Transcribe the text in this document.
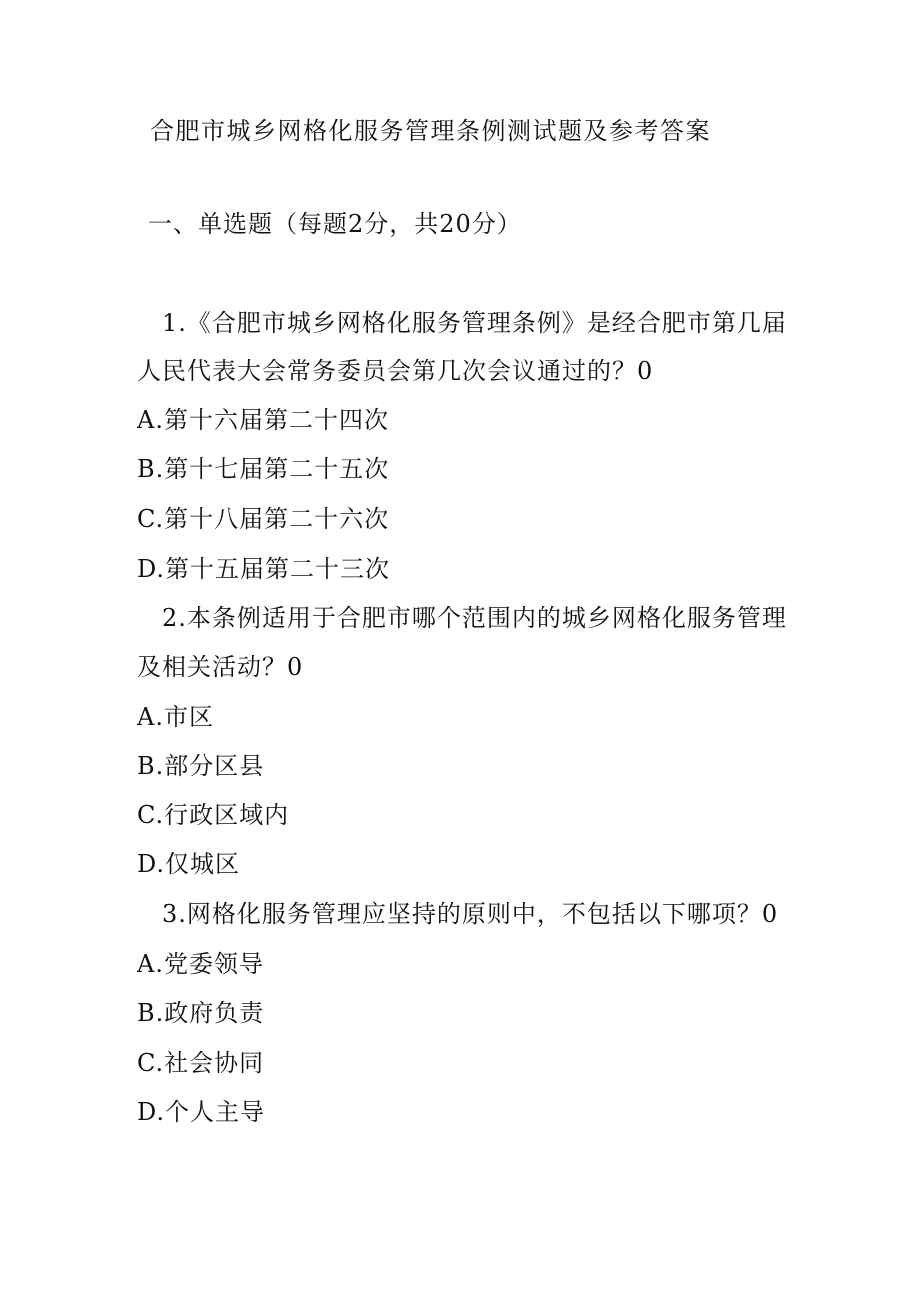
合肥市城乡网格化服务管理条例测试题及参考答案
一、单选题（每题2分，共20分）
1.《合肥市城乡网格化服务管理条例》是经合肥市第几届
人民代表大会常务委员会第几次会议通过的？0
A.第十六届第二十四次
B.第十七届第二十五次
C.第十八届第二十六次
D.第十五届第二十三次
2.本条例适用于合肥市哪个范围内的城乡网格化服务管理
及相关活动？0
A.市区
B.部分区县
C.行政区域内
D.仅城区
3.网格化服务管理应坚持的原则中，不包括以下哪项？0
A.党委领导
B.政府负责
C.社会协同
D.个人主导
